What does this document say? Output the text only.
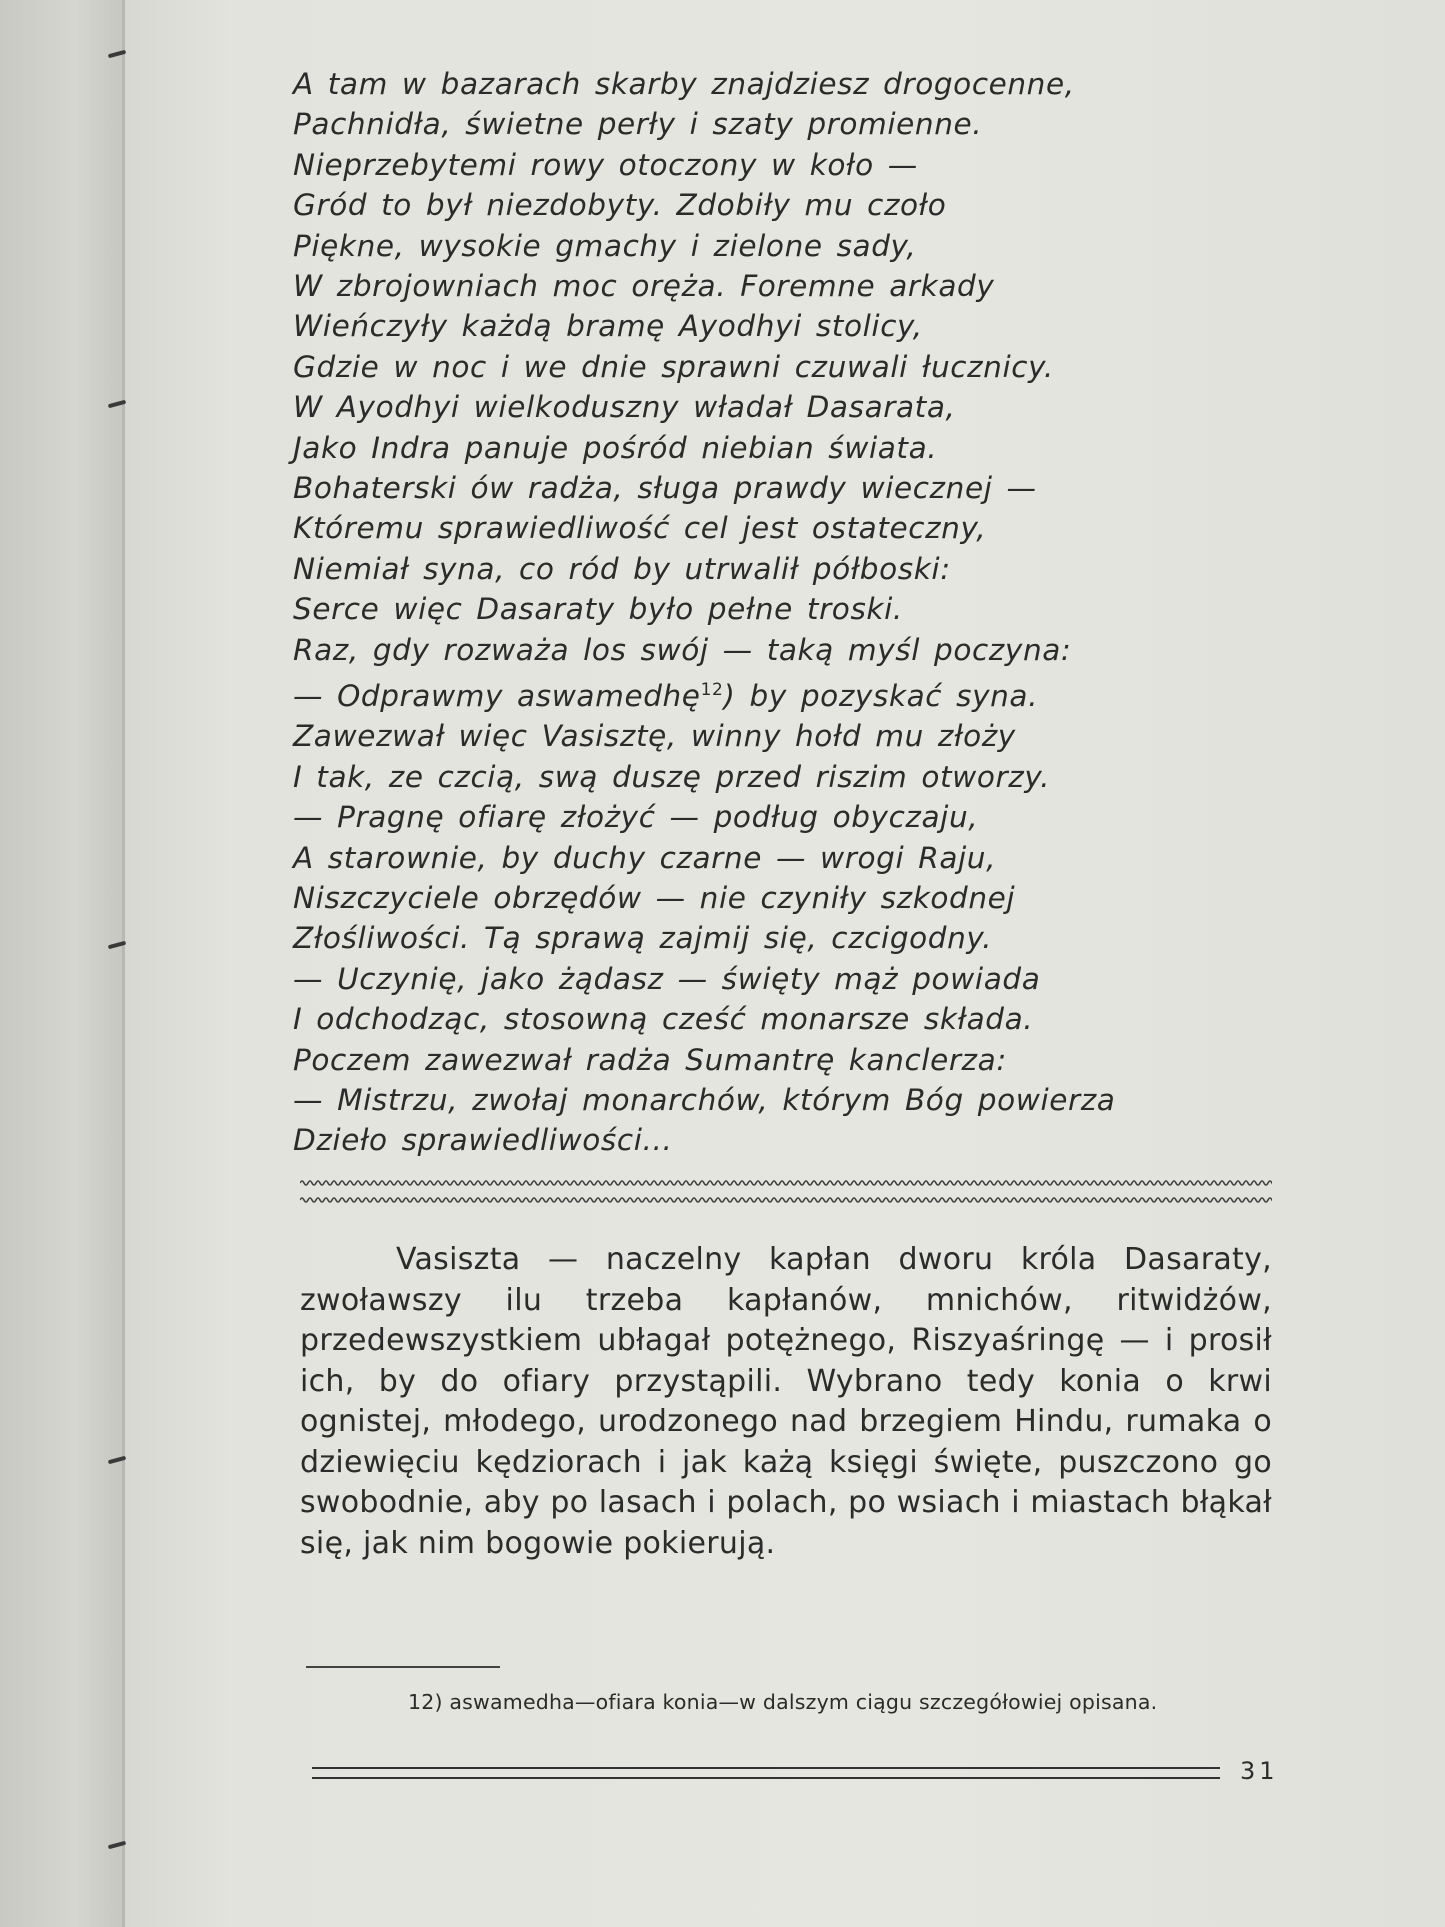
A tam w bazarach skarby znajdziesz drogocenne,
Pachnidła, świetne perły i szaty promienne.
Nieprzebytemi rowy otoczony w koło —
Gród to był niezdobyty. Zdobiły mu czoło
Piękne, wysokie gmachy i zielone sady,
W zbrojowniach moc oręża. Foremne arkady
Wieńczyły każdą bramę Ayodhyi stolicy,
Gdzie w noc i we dnie sprawni czuwali łucznicy.
W Ayodhyi wielkoduszny władał Dasarata,
Jako Indra panuje pośród niebian świata.
Bohaterski ów radża, sługa prawdy wiecznej —
Któremu sprawiedliwość cel jest ostateczny,
Niemiał syna, co ród by utrwalił półboski:
Serce więc Dasaraty było pełne troski.
Raz, gdy rozważa los swój — taką myśl poczyna:
— Odprawmy aswamedhę$^{12}$) by pozyskać syna.
Zawezwał więc Vasisztę, winny hołd mu złoży
I tak, ze czcią, swą duszę przed riszim otworzy.
— Pragnę ofiarę złożyć — podług obyczaju,
A starownie, by duchy czarne — wrogi Raju,
Niszczyciele obrzędów — nie czyniły szkodnej
Złośliwości. Tą sprawą zajmij się, czcigodny.
— Uczynię, jako żądasz — święty mąż powiada
I odchodząc, stosowną cześć monarsze składa.
Poczem zawezwał radża Sumantrę kanclerza:
— Mistrzu, zwołaj monarchów, którym Bóg powierza
Dzieło sprawiedliwości...
Vasiszta — naczelny kapłan dworu króla Dasaraty, zwoławszy ilu trzeba kapłanów, mnichów, ritwidżów, przedewszystkiem ubłagał potężnego, Riszyaśringę — i prosił ich, by do ofiary przystąpili. Wybrano tedy konia o krwi ognistej, młodego, urodzonego nad brzegiem Hindu, rumaka o dziewięciu kędziorach i jak każą księgi święte, puszczono go swobodnie, aby po lasach i polach, po wsiach i miastach błąkał się, jak nim bogowie pokierują.
12) aswamedha—ofiara konia—w dalszym ciągu szczegółowiej opisana.
31
